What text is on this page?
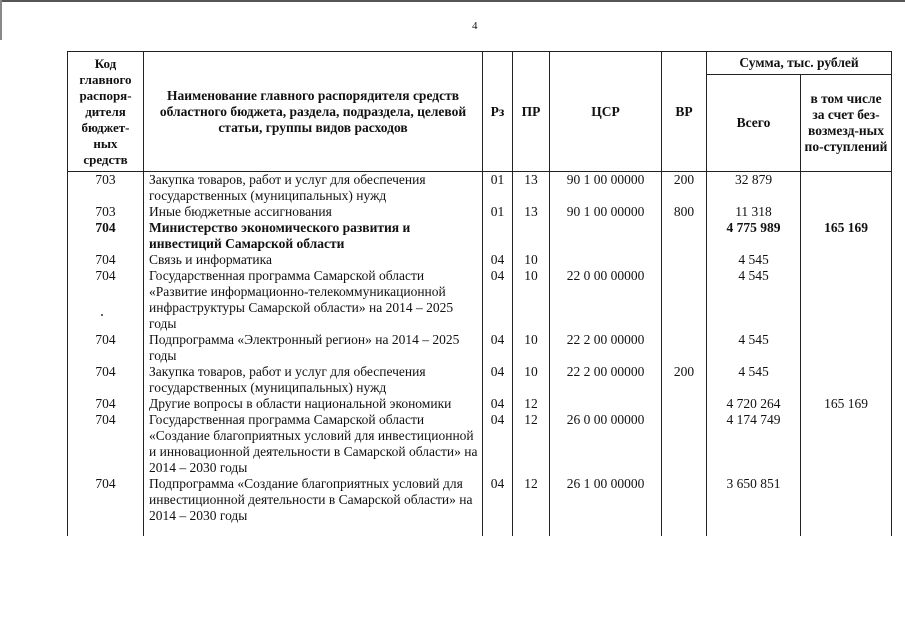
4
Код главного распоря-дителя бюджет-ных средств	Наименование главного распорядителя средств областного бюджета, раздела, подраздела, целевой статьи, группы видов расходов	Рз	ПР	ЦСР	ВР	Сумма, тыс. рублей	
						Всего	в том числе за счет без-возмезд-ных по-ступлений
703	Закупка товаров, работ и услуг для обеспечения государственных (муниципальных) нужд	01	13	90 1 00 00000	200	32 879	
703	Иные бюджетные ассигнования	01	13	90 1 00 00000	800	11 318	
704	Министерство экономического развития и инвестиций Самарской области					4 775 989	165 169
704	Связь и информатика	04	10			4 545	
704	Государственная программа Самарской области «Развитие информационно-телекоммуникационной инфраструктуры Самарской области» на 2014 – 2025 годы	04	10	22 0 00 00000		4 545	
704	Подпрограмма «Электронный регион» на 2014 – 2025 годы	04	10	22 2 00 00000		4 545	
704	Закупка товаров, работ и услуг для обеспечения государственных (муниципальных) нужд	04	10	22 2 00 00000	200	4 545	
704	Другие вопросы в области национальной экономики	04	12			4 720 264	165 169
704	Государственная программа Самарской области «Создание благоприятных условий для инвестиционной и инновационной деятельности в Самарской области» на 2014 – 2030 годы	04	12	26 0 00 00000		4 174 749	
704	Подпрограмма «Создание благоприятных условий для инвестиционной деятельности в Самарской области» на 2014 – 2030 годы	04	12	26 1 00 00000		3 650 851	
